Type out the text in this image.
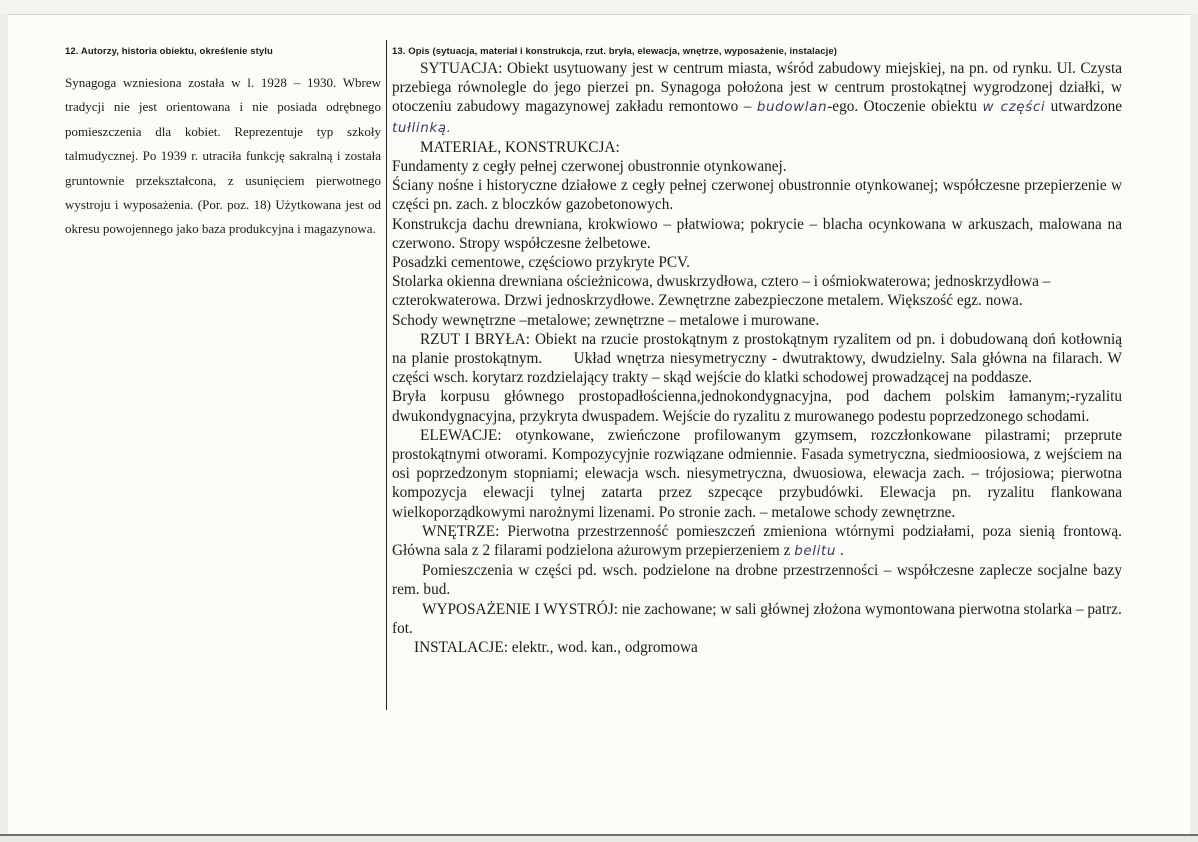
12. Autorzy, historia obiektu, określenie stylu
Synagoga wzniesiona została w l. 1928 – 1930. Wbrew tradycji nie jest orientowana i nie posiada odrębnego pomieszczenia dla kobiet. Reprezentuje typ szkoły talmudycznej. Po 1939 r. utraciła funkcję sakralną i została gruntownie przekształcona, z usunięciem pierwotnego wystroju i wyposażenia. (Por. poz. 18) Użytkowana jest od okresu powojennego jako baza produkcyjna i magazynowa.
13. Opis (sytuacja, materiał i konstrukcja, rzut. bryła, elewacja, wnętrze, wyposażenie, instalacje)

SYTUACJA: Obiekt usytuowany jest w centrum miasta, wśród zabudowy miejskiej, na pn. od rynku. Ul. Czysta przebiega równolegle do jego pierzei pn. Synagoga położona jest w centrum prostokątnej wygrodzonej działki, w otoczeniu zabudowy magazynowej zakładu remontowo – budowlan-ego. Otoczenie obiektu w części utwardzone tułlinką.

MATERIAŁ, KONSTRUKCJA:

Fundamenty z cegły pełnej czerwonej obustronnie otynkowanej.

Ściany nośne i historyczne działowe z cegły pełnej czerwonej obustronnie otynkowanej; współczesne przepierzenie w części pn. zach. z bloczków gazobetonowych.

Konstrukcja dachu drewniana, krokwiowo – płatwiowa; pokrycie – blacha ocynkowana w arkuszach, malowana na czerwono. Stropy współczesne żelbetowe.

Posadzki cementowe, częściowo przykryte PCV.

Stolarka okienna drewniana ościeżnicowa, dwuskrzydłowa, cztero – i ośmiokwaterowa; jednoskrzydłowa – czterokwaterowa. Drzwi jednoskrzydłowe. Zewnętrzne zabezpieczone metalem. Większość egz. nowa.

Schody wewnętrzne –metalowe; zewnętrzne – metalowe i murowane.

RZUT I BRYŁA: Obiekt na rzucie prostokątnym z prostokątnym ryzalitem od pn. i dobudowaną doń kotłownią na planie prostokątnym.      Układ wnętrza niesymetryczny - dwutraktowy, dwudzielny. Sala główna na filarach. W części wsch. korytarz rozdzielający trakty – skąd wejście do klatki schodowej prowadzącej na poddasze.

Bryła korpusu głównego prostopadłościenna,jednokondygnacyjna, pod dachem polskim łamanym;-ryzalitu dwukondygnacyjna, przykryta dwuspadem. Wejście do ryzalitu z murowanego podestu poprzedzonego schodami.

ELEWACJE: otynkowane, zwieńczone profilowanym gzymsem, rozczłonkowane pilastrami; przeprute prostokątnymi otworami. Kompozycyjnie rozwiązane odmiennie. Fasada symetryczna, siedmioosiowa, z wejściem na osi poprzedzonym stopniami; elewacja wsch. niesymetryczna, dwuosiowa, elewacja zach. – trójosiowa; pierwotna kompozycja elewacji tylnej zatarta przez szpecące przybudówki. Elewacja pn. ryzalitu flankowana wielkoporządkowymi narożnymi lizenami. Po stronie zach. – metalowe schody zewnętrzne.

WNĘTRZE: Pierwotna przestrzenność pomieszczeń zmieniona wtórnymi podziałami, poza sienią frontową. Główna sala z 2 filarami podzielona ażurowym przepierzeniem z belitu .

Pomieszczenia w części pd. wsch. podzielone na drobne przestrzenności – współczesne zaplecze socjalne bazy rem. bud.

WYPOSAŻENIE I WYSTRÓJ: nie zachowane; w sali głównej złożona wymontowana pierwotna stolarka – patrz. fot.

INSTALACJE: elektr., wod. kan., odgromowa
